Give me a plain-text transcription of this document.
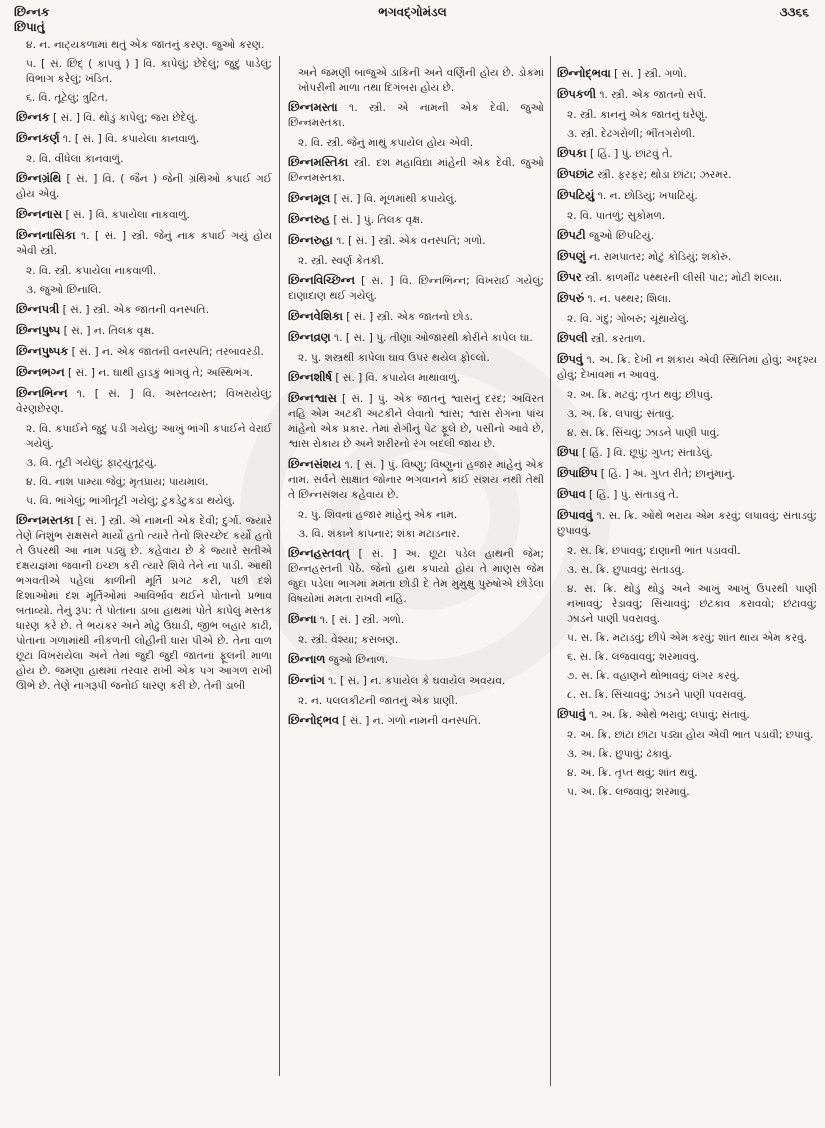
છિન્નક
છિપાતું
ભગવદ્ગોમંડલ	૩૩૬૬
૪. ન. નાટ્યકળામાં થતું એક જાતનું કરણ. જુઓ કરણ.
૫. [ સં. છિદ્ ( કાપવું ) ] વિ. કાપેલું; છેદેલું; જુદું પાડેલું; વિભાગ કરેલું; ખંડિત.
૬. વિ. તૂટેલું; ત્રુટિત.
છિન્નક [ સં. ] વિ. થોડું કાપેલું; જરા છેદેલું.
છિન્નકર્ણ ૧. [ સં. ] વિ. કપાયેલા કાનવાળું.
૨. વિ. વીંધેલા કાનવાળું.
છિન્નગ્રંથિ [ સં. ] વિ. ( જૈન ) જેની ગ્રંથિઓ કપાઈ ગઈ હોય એવું.
છિન્નનાસ [ સં. ] વિ. કપાયેલા નાકવાળું.
છિન્નનાસિકા ૧. [ સં. ] સ્ત્રી. જેનું નાક કપાઈ ગયું હોય એવી સ્ત્રી.
૨. વિ. સ્ત્રી. કપાયેલા નાકવાળી.
૩. જુઓ છિનાલિ.
છિન્નપત્રી [ સં. ] સ્ત્રી. એક જાતની વનસ્પતિ.
છિન્નપુષ્પ [ સં. ] ન. તિલક વૃક્ષ.
છિન્નપુષ્પક [ સં. ] ન. એક જાતની વનસ્પતિ; તરબાવરડી.
છિન્નભગ્ન [ સં. ] ન. ઘાથી હાડકું ભાંગવું તે; અસ્થિભંગ.
છિન્નભિન્ન ૧. [ સં. ] વિ. અસ્તવ્યસ્ત; વિખરાયેલું; વેરણછેરણ.
૨. વિ. કપાઈને જુદું પડી ગયેલું; આખું ભાંગી કપાઈને વેરાઈ ગયેલું.
૩. વિ. તૂટી ગયેલું; ફાટ્યુંતૂટ્યું.
૪. વિ. નાશ પામ્યા જેવું; મૃતપ્રાય; પાયમાલ.
૫. વિ. ભાંગેલું; ભાંગીતૂટી ગયેલું; ટુકડેટુકડા થયેલું.
છિન્નમસ્તકા [ સં. ] સ્ત્રી. એ નામની એક દેવી; દુર્ગા. જ્યારે તેણે નિશુંભ રાક્ષસને માર્યો હતો ત્યારે તેનો શિરચ્છેદ કર્યો હતો તે ઉપરથી આ નામ પડ્યું છે. કહેવાય છે કે જ્યારે સતીએ દક્ષયજ્ઞમાં જવાની ઇચ્છા કરી ત્યારે શિવે તેને ના પાડી. આથી ભગવતીએ પહેલાં કાળીની મૂર્તિ પ્રગટ કરી, પછી દશે દિશાઓમાં દશ મૂર્તિઓમાં આવિર્ભાવ થઈને પોતાનો પ્રભાવ બતાવ્યો. તેનું રૂપ: તે પોતાના ડાબા હાથમાં પોતે કાપેલું મસ્તક ધારણ કરે છે. તે ભયંકર અને મોઢું ઉઘાડી, જીભ બહાર કાઢી, પોતાના ગળામાંથી નીકળતી લોહીની ધારા પીએ છે. તેના વાળ છૂટા વિખરાયેલા અને તેમાં જુદી જુદી જાતનાં ફૂલની માળા હોય છે. જમણા હાથમાં તરવાર રાખી એક પગ આગળ રાખી ઊભે છે. તેણે નાગરૂપી જનોઈ ધારણ કરી છે. તેની ડાબી
અને જમણી બાજુએ ડાકિની અને વર્ણિની હોય છે. ડોકમાં ખોપરીની માળા તથા દિગંબરા હોય છે.
છિન્નમસ્તા ૧. સ્ત્રી. એ નામની એક દેવી. જુઓ છિન્નમસ્તકા.
૨. વિ. સ્ત્રી. જેનું માથું કપાયેલ હોય એવી.
છિન્નમસ્તિકા સ્ત્રી. દશ મહાવિદ્યા માંહેની એક દેવી. જુઓ છિન્નમસ્તકા.
છિન્નમૂલ [ સં. ] વિ. મૂળમાંથી કપાયેલું.
છિન્નરુહ [ સં. ] પું. તિલક વૃક્ષ.
છિન્નરુહા ૧. [ સં. ] સ્ત્રી. એક વનસ્પતિ; ગળો.
૨. સ્ત્રી. સ્વર્ણ કેતકી.
છિન્નવિચ્છિન્ન [ સં. ] વિ. છિન્નભિન્ન; વિખરાઈ ગયેલું; દાણાદાણ થઈ ગયેલું.
છિન્નવેશિકા [ સં. ] સ્ત્રી. એક જાતનો છોડ.
છિન્નવ્રણ ૧. [ સં. ] પું. તીણા ઓજારથી કોરીને કાપેલ ઘા.
૨. પું. શસ્ત્રથી કાપેલા ઘાવ ઉપર થયેલ ફોલ્લો.
છિન્નશીર્ષ [ સં. ] વિ. કપાયેલ માથાવાળું.
છિન્નશ્વાસ [ સં. ] પું. એક જાતનું શ્વાસનું દરદ; અવિરત નહિ એમ અટકી અટકીને લેવાતો શ્વાસ; શ્વાસ રોગના પાંચ માંહેનો એક પ્રકાર. તેમાં રોગીનું પેટ ફૂલે છે, પસીનો આવે છે, શ્વાસ રોકાય છે અને શરીરનો રંગ બદલી જાય છે.
છિન્નસંશય ૧. [ સં. ] પું. વિષ્ણુ; વિષ્ણુનાં હજાર માંહેનું એક નામ. સર્વને સાક્ષાત જોનાર ભગવાનને કાંઈ સંશય નથી તેથી તે છિન્નસંશય કહેવાય છે.
૨. પું. શિવનાં હજાર માંહેનું એક નામ.
૩. વિ. શંકાને કાપનાર; શંકા મટાડનાર.
છિન્નહસ્તવત્ [ સં. ] અ. છૂટા પડેલ હાથની જેમ; છિન્નહસ્તની પેઠે. જેનો હાથ કપાયો હોય તે માણસ જેમ જુદા પડેલા ભાગમાં મમતા છોડી દે તેમ મુમુક્ષુ પુરુષોએ છોડેલા વિષયોમાં મમતા રાખવી નહિ.
છિન્ના ૧. [ સં. ] સ્ત્રી. ગળો.
૨. સ્ત્રી. વેશ્યા; કસબણ.
છિન્નાળ જુઓ છિનાળ.
છિન્નાંગ ૧. [ સં. ] ન. કપાયેલ કે ઘવાયેલ અવયવ.
૨. ન. પલલકીટની જાતનું એક પ્રાણી.
છિન્નોદ્ભવ [ સં. ] ન. ગળો નામની વનસ્પતિ.
છિન્નોદ્ભવા [ સં. ] સ્ત્રી. ગળો.
છિપકળી ૧. સ્ત્રી. એક જાતનો સર્પ.
૨. સ્ત્રી. કાનનું એક જાતનું ઘરેણું.
૩. સ્ત્રી. દેઢગરોળી; ભીંતગરોળી.
છિપકા [ હિં. ] પું. છાંટવું તે.
છિપછાંટ સ્ત્રી. ફરફર; થોડા છાંટા; ઝરમર.
છિપટિયું ૧. ન. છોડિયું; ખપાટિયું.
૨. વિ. પાતળું; સુકોમળ.
છિપટી જુઓ છિપટિયું.
છિપણું ન. રામપાતર; મોટું કોડિયું; શકોરું.
છિપર સ્ત્રી. કાળમીંઢ પથ્થરની લીસી પાટ; મોટી શલ્યા.
છિપરું ૧. ન. પથ્થર; શિલા.
૨. વિ. ગંદું; ગોબરું; ચૂંથાયેલું.
છિપલી સ્ત્રી. કરતાળ.
છિપવું ૧. અ. ક્રિ. દેખી ન શકાય એવી સ્થિતિમાં હોવું; અદૃશ્ય હોવું; દેખાવમાં ન આવવું.
૨. અ. ક્રિ. મટવું; તૃપ્ત થવું; છીપવું.
૩. અ. ક્રિ. લપાવું; સંતાવું.
૪. સ. ક્રિ. સિંચવું; ઝાડને પાણી પાવું.
છિપા [ હિં. ] વિ. છૂપું; ગુપ્ત; સંતાડેલું.
છિપાછિપ [ હિં. ] અ. ગુપ્ત રીતે; છાનુંમાનું.
છિપાવ [ હિં. ] પું. સંતાડવું તે.
છિપાવવું ૧. સ. ક્રિ. ઓથે ભરાય એમ કરવું; લપાવવું; સંતાડવું; છુપાવવું.
૨. સ. ક્રિ. છપાવવું; દાણાની ભાત પડાવવી.
૩. સ. ક્રિ. છુપાવવું; સંતાડવું.
૪. સ. ક્રિ. થોડું થોડું અને આખું આખું ઉપરથી પાણી નખાવવું; રેડાવવું; સિંચાવવું; છંટકાવ કરાવવો; છંટાવવું; ઝાડને પાણી પવરાવવું.
૫. સ. ક્રિ. મટાડવું; છીપે એમ કરવું; શાંત થાય એમ કરવું.
૬. સ. ક્રિ. લજવાવવું; શરમાવવું.
૭. સ. ક્રિ. વહાણને થોભાવવું; લંગર કરવું.
૮. સ. ક્રિ. સિંચાવવું; ઝાડને પાણી પવરાવવું.
છિપાવું ૧. અ. ક્રિ. ઓથે ભરાવું; લપાવું; સંતાવું.
૨. અ. ક્રિ. છાંટા છાંટા પડ્યા હોય એવી ભાત પડાવી; છપાવું.
૩. અ. ક્રિ. છુપાવું; ઢંકાવું.
૪. અ. ક્રિ. તૃપ્ત થવું; શાંત થવું.
૫. અ. ક્રિ. લજવાવું; શરમાવું.
